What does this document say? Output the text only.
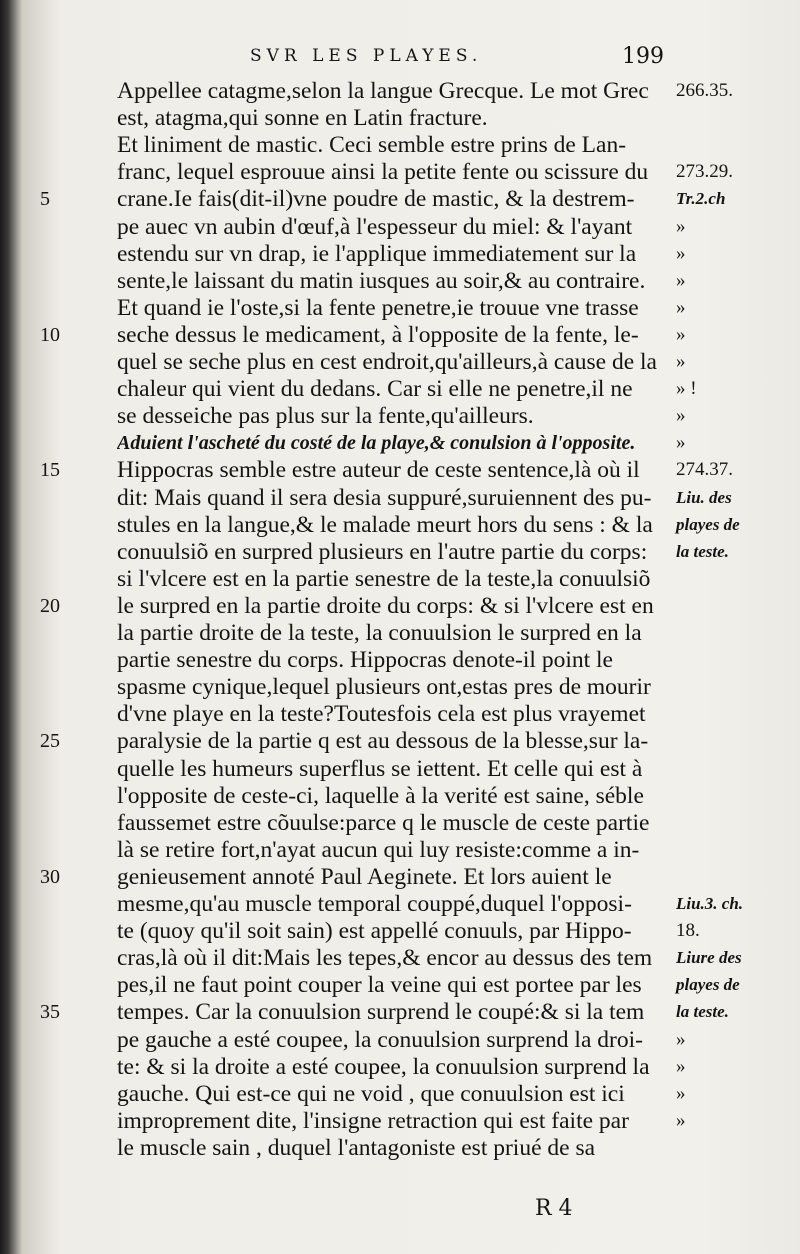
SVR LES PLAYES.	199
Appellee catagme,selon la langue Grecque. Le mot Grec
est, atagma,qui sonne en Latin fracture.
Et liniment de mastic. Ceci semble estre prins de Lan-
franc, lequel esprouue ainsi la petite fente ou scissure du
crane.Ie fais(dit-il)vne poudre de mastic, & la destrem-
5
pe auec vn aubin d'œuf,à l'espesseur du miel: & l'ayant
estendu sur vn drap, ie l'applique immediatement sur la
sente,le laissant du matin iusques au soir,& au contraire.
Et quand ie l'oste,si la fente penetre,ie trouue vne trasse
seche dessus le medicament, à l'opposite de la fente, le-
10
quel se seche plus en cest endroit,qu'ailleurs,à cause de la
chaleur qui vient du dedans. Car si elle ne penetre,il ne
se desseiche pas plus sur la fente,qu'ailleurs.
Aduient l'ascheté du costé de la playe,& conulsion à l'opposite.
Hippocras semble estre auteur de ceste sentence,là où il
15
dit: Mais quand il sera desia suppuré,suruiennent des pu-
stules en la langue,& le malade meurt hors du sens : & la
conuulsiõ en surpred plusieurs en l'autre partie du corps:
si l'vlcere est en la partie senestre de la teste,la conuulsiõ
le surpred en la partie droite du corps: & si l'vlcere est en
20
la partie droite de la teste, la conuulsion le surpred en la
partie senestre du corps. Hippocras denote-il point le
spasme cynique,lequel plusieurs ont,estas pres de mourir
d'vne playe en la teste?Toutesfois cela est plus vrayemet
paralysie de la partie q est au dessous de la blesse,sur la-
25
quelle les humeurs superflus se iettent. Et celle qui est à
l'opposite de ceste-ci, laquelle à la verité est saine, séble
faussemet estre cõuulse:parce q le muscle de ceste partie
là se retire fort,n'ayat aucun qui luy resiste:comme a in-
genieusement annoté Paul Aeginete. Et lors auient le
30
mesme,qu'au muscle temporal couppé,duquel l'opposi-
te (quoy qu'il soit sain) est appellé conuuls, par Hippo-
cras,là où il dit:Mais les tepes,& encor au dessus des tem
pes,il ne faut point couper la veine qui est portee par les
tempes. Car la conuulsion surprend le coupé:& si la tem
35
pe gauche a esté coupee, la conuulsion surprend la droi-
te: & si la droite a esté coupee, la conuulsion surprend la
gauche. Qui est-ce qui ne void , que conuulsion est ici
improprement dite, l'insigne retraction qui est faite par
le muscle sain , duquel l'antagoniste est priué de sa
266.35.
273.29.
Tr.2.ch
»
»
»
»
»
»
» !
»
»
274.37.
Liu. des
playes de
la teste.
Liu.3. ch.
18.
Liure des
playes de
la teste.
»
»
»
»
R 4
